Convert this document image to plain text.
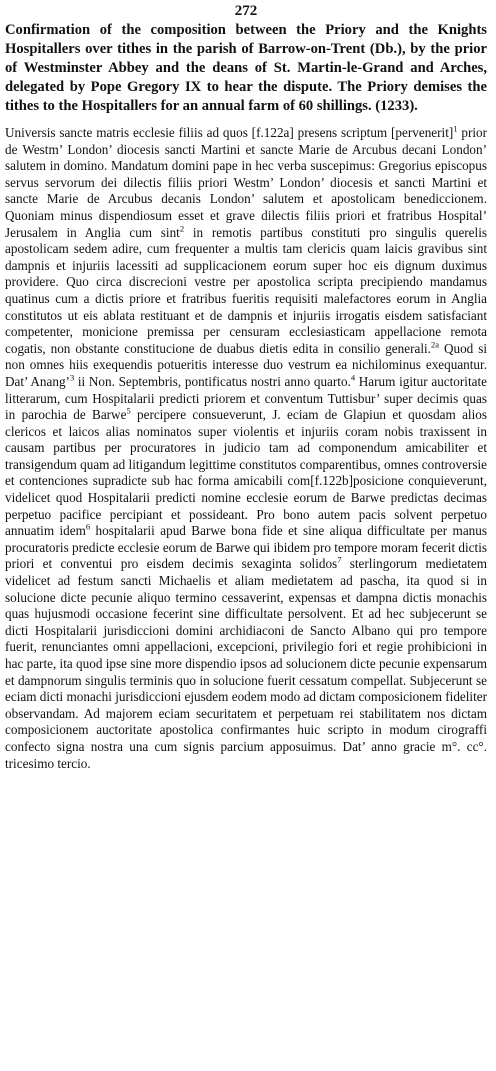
272
Confirmation of the composition between the Priory and the Knights Hospitallers over tithes in the parish of Barrow-on-Trent (Db.), by the prior of Westminster Abbey and the deans of St. Martin-le-Grand and Arches, delegated by Pope Gregory IX to hear the dispute. The Priory demises the tithes to the Hospitallers for an annual farm of 60 shillings. (1233).

Universis sancte matris ecclesie filiis ad quos [f.122a] presens scriptum [pervenerit]$^1$ prior de Westm’ London’ diocesis sancti Martini et sancte Marie de Arcubus decani London’ salutem in domino. Mandatum domini pape in hec verba suscepimus: Gregorius episcopus servus servorum dei dilectis filiis priori Westm’ London’ diocesis et sancti Martini et sancte Marie de Arcubus decanis London’ salutem et apostolicam benediccionem. Quoniam minus dispendiosum esset et grave dilectis filiis priori et fratribus Hospital’ Jerusalem in Anglia cum sint$^2$ in remotis partibus constituti pro singulis querelis apostolicam sedem adire, cum frequenter a multis tam clericis quam laicis gravibus sint dampnis et injuriis lacessiti ad supplicacionem eorum super hoc eis dignum duximus providere. Quo circa discrecioni vestre per apostolica scripta precipiendo mandamus quatinus cum a dictis priore et fratribus fueritis requisiti malefactores eorum in Anglia constitutos ut eis ablata restituant et de dampnis et injuriis irrogatis eisdem satisfaciant competenter, monicione premissa per censuram ecclesiasticam appellacione remota cogatis, non obstante constitucione de duabus dietis edita in consilio generali.$^{2a}$ Quod si non omnes hiis exequendis potueritis interesse duo vestrum ea nichilominus exequantur. Dat’ Anang’$^3$ ii Non. Septembris, pontificatus nostri anno quarto.$^4$ Harum igitur auctoritate litterarum, cum Hospitalarii predicti priorem et conventum Tuttisbur’ super decimis quas in parochia de Barwe$^5$ percipere consueverunt, J. eciam de Glapiun et quosdam alios clericos et laicos alias nominatos super violentis et injuriis coram nobis traxissent in causam partibus per procuratores in judicio tam ad componendum amicabiliter et transigendum quam ad litigandum legittime constitutos comparentibus, omnes controversie et contenciones supradicte sub hac forma amicabili com[f.122b]posicione conquieverunt, videlicet quod Hospitalarii predicti nomine ecclesie eorum de Barwe predictas decimas perpetuo pacifice percipiant et possideant. Pro bono autem pacis solvent perpetuo annuatim idem$^6$ hospitalarii apud Barwe bona fide et sine aliqua difficultate per manus procuratoris predicte ecclesie eorum de Barwe qui ibidem pro tempore moram fecerit dictis priori et conventui pro eisdem decimis sexaginta solidos$^7$ sterlingorum medietatem videlicet ad festum sancti Michaelis et aliam medietatem ad pascha, ita quod si in solucione dicte pecunie aliquo termino cessaverint, expensas et dampna dictis monachis quas hujusmodi occasione fecerint sine difficultate persolvent. Et ad hec subjecerunt se dicti Hospitalarii jurisdiccioni domini archidiaconi de Sancto Albano qui pro tempore fuerit, renunciantes omni appellacioni, excepcioni, privilegio fori et regie prohibicioni in hac parte, ita quod ipse sine more dispendio ipsos ad solucionem dicte pecunie expensarum et dampnorum singulis terminis quo in solucione fuerit cessatum compellat. Subjecerunt se eciam dicti monachi jurisdiccioni ejusdem eodem modo ad dictam composicionem fideliter observandam. Ad majorem eciam securitatem et perpetuam rei stabilitatem nos dictam composicionem auctoritate apostolica confirmantes huic scripto in modum cirograffi confecto signa nostra una cum signis parcium apposuimus. Dat’ anno gracie m°. cc°. tricesimo tercio.
